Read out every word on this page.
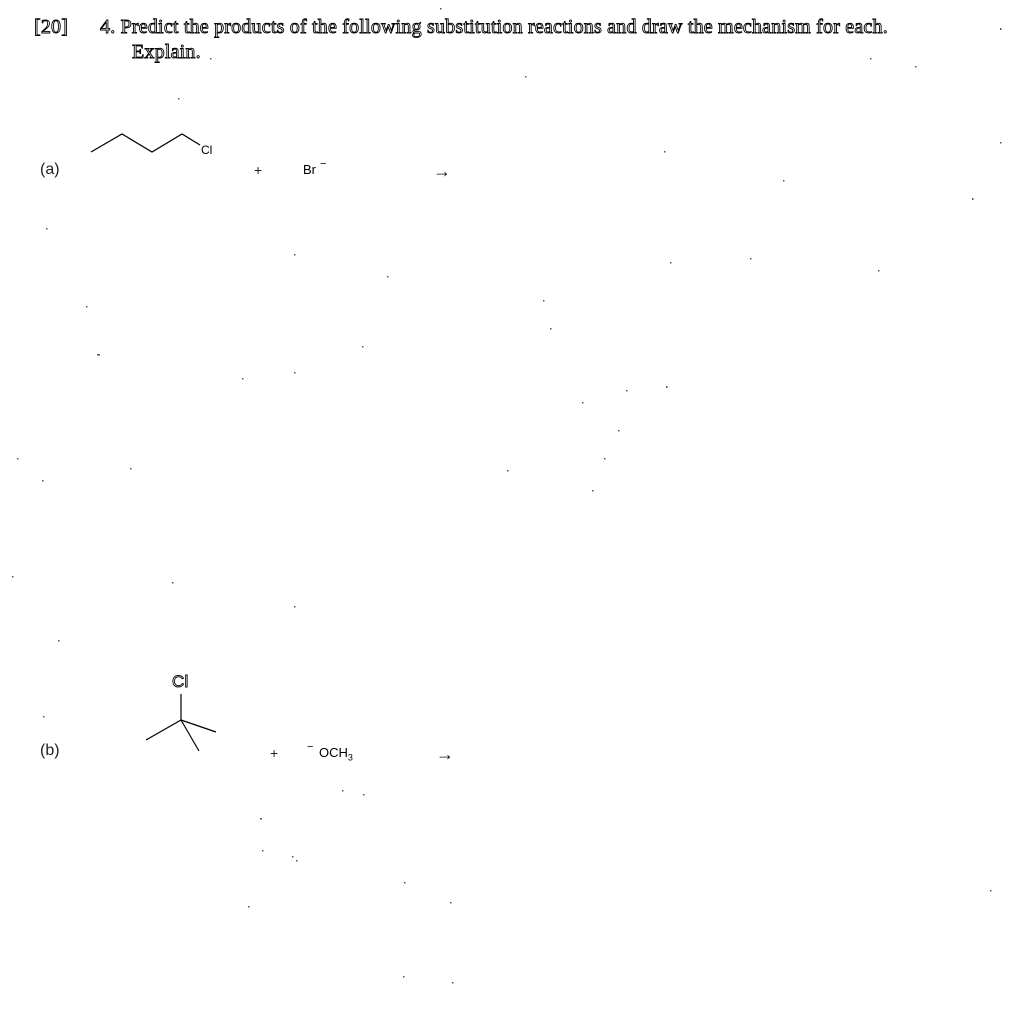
[20] 4. Predict the products of the following substitution reactions and draw the mechanism for each.
Explain.
Cl
Cl
(a)	+	Br −	→
(b)	+	− $OCH_3$	→
